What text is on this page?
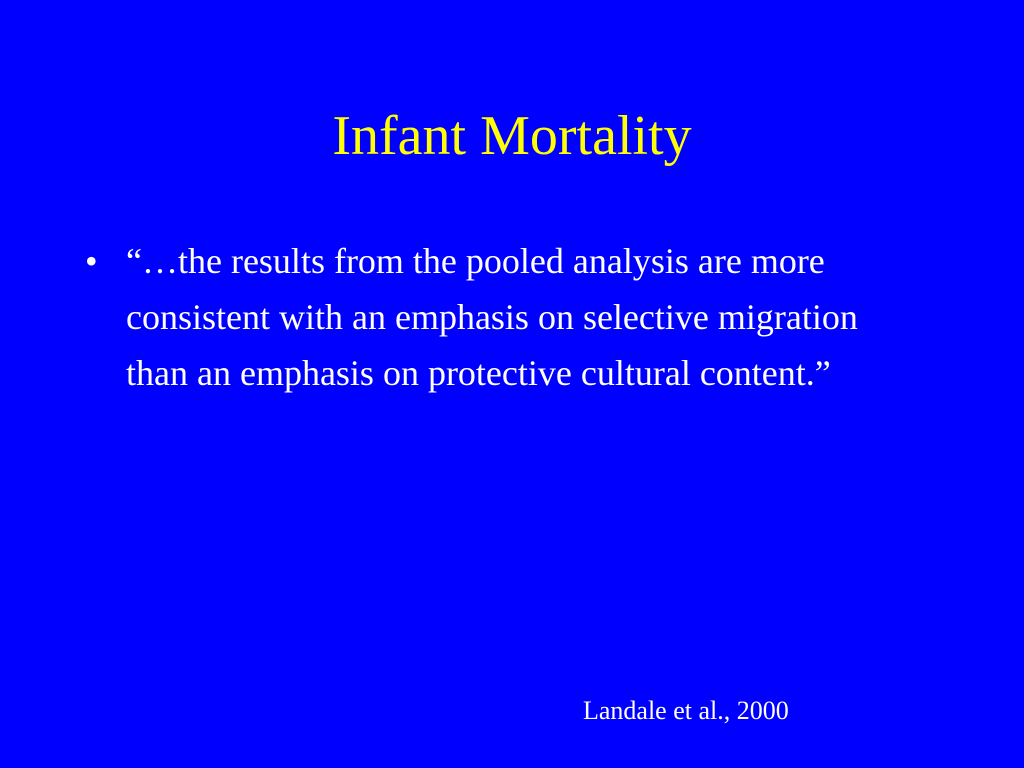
Infant Mortality
• “…the results from the pooled analysis are more consistent with an emphasis on selective migration than an emphasis on protective cultural content.”
Landale et al., 2000
